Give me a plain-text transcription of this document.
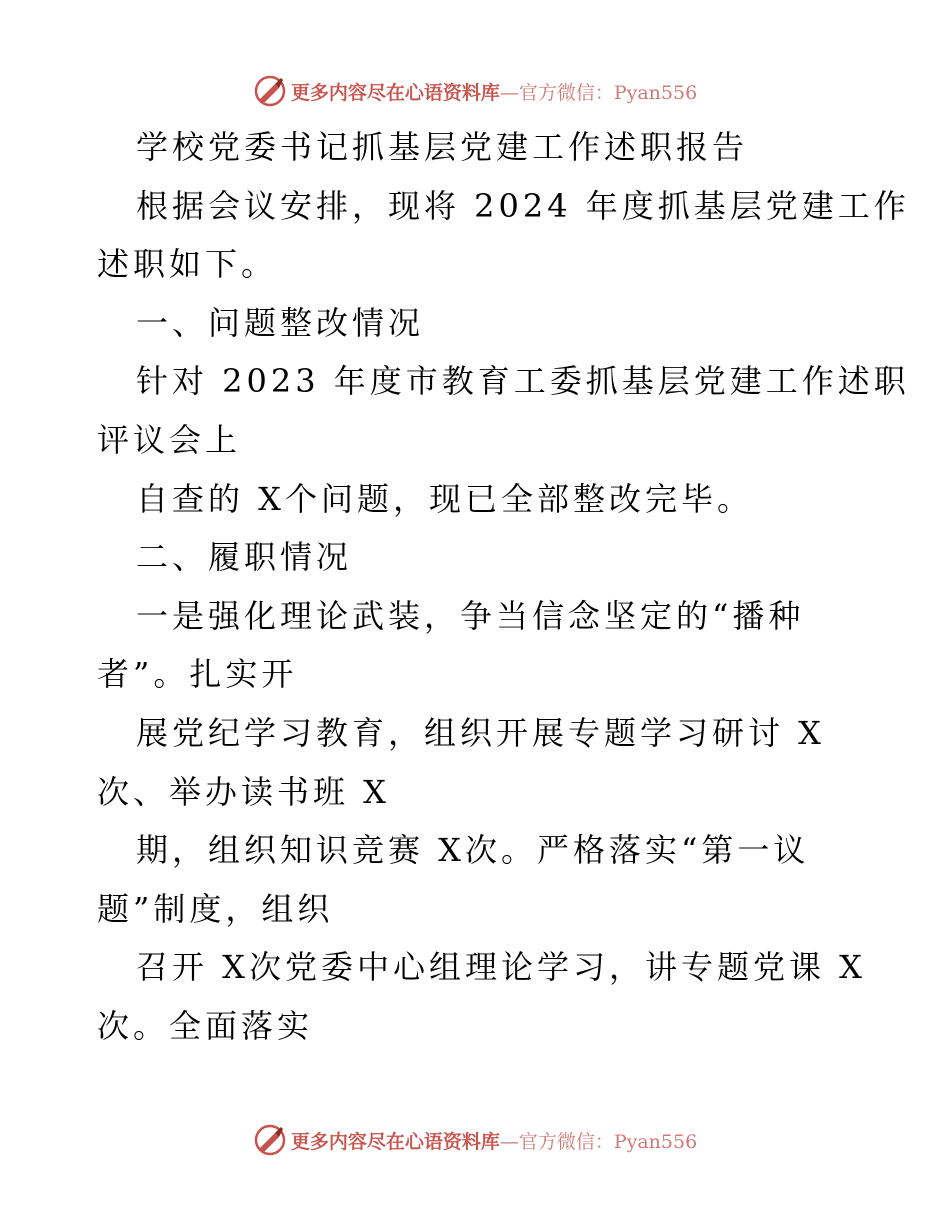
更多内容尽在心语资料库—官方微信：Pyan556
学校党委书记抓基层党建工作述职报告
根据会议安排，现将 2024 年度抓基层党建工作
述职如下。
一、问题整改情况
针对 2023 年度市教育工委抓基层党建工作述职
评议会上
自查的 X个问题，现已全部整改完毕。
二、履职情况
一是强化理论武装，争当信念坚定的“播种
者”。扎实开
展党纪学习教育，组织开展专题学习研讨 X
次、举办读书班 X
期，组织知识竞赛 X次。严格落实“第一议
题”制度，组织
召开 X次党委中心组理论学习，讲专题党课 X
次。全面落实
更多内容尽在心语资料库—官方微信：Pyan556
